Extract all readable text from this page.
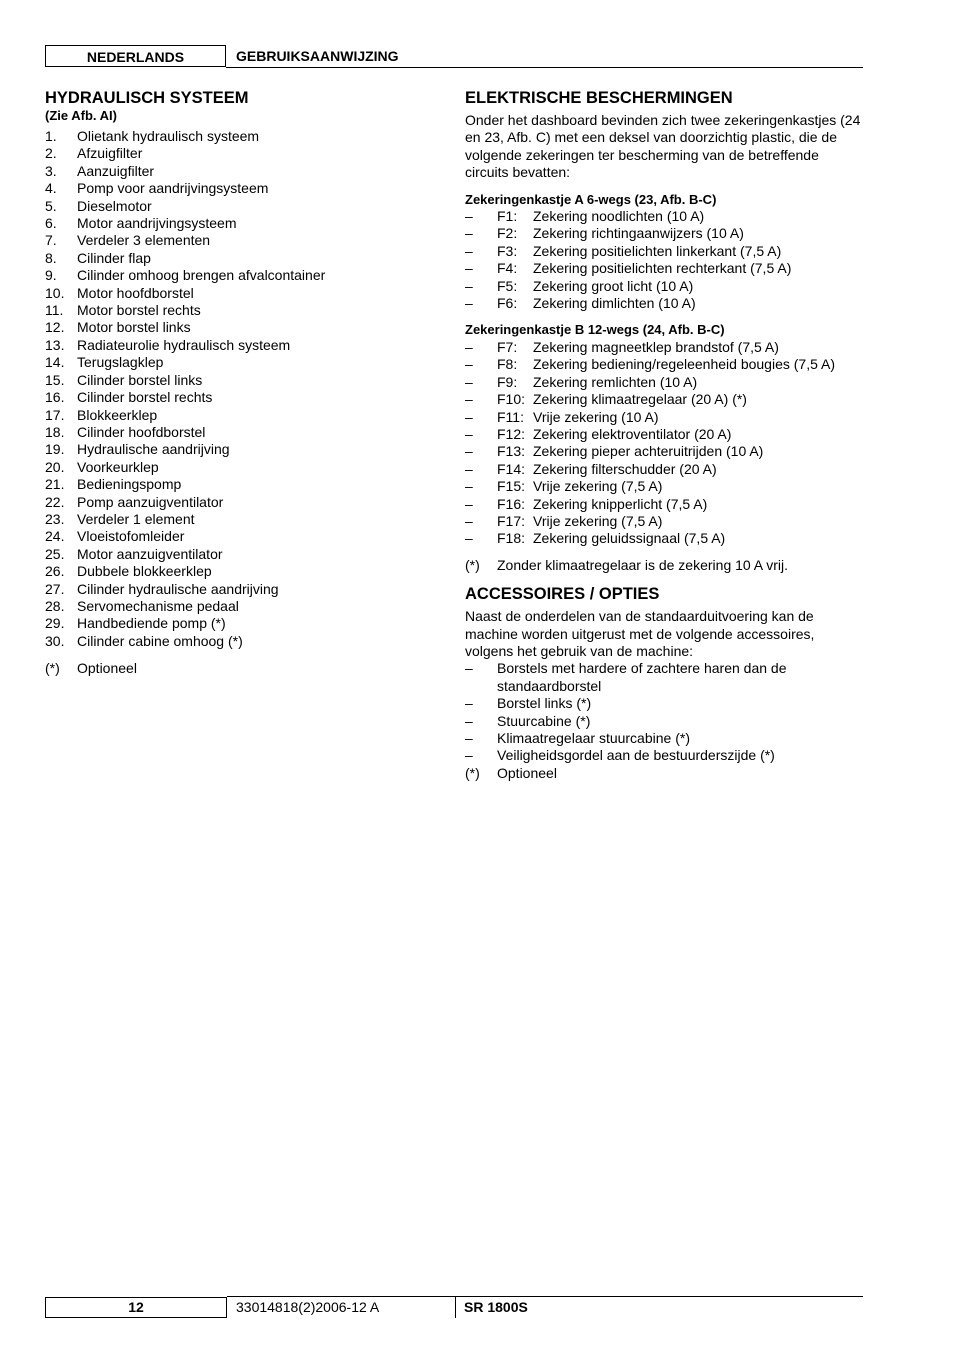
NEDERLANDS	GEBRUIKSAANWIJZING
HYDRAULISCH SYSTEEM
(Zie Afb. AI)
1.	Olietank hydraulisch systeem
2.	Afzuigfilter
3.	Aanzuigfilter
4.	Pomp voor aandrijvingsysteem
5.	Dieselmotor
6.	Motor aandrijvingsysteem
7.	Verdeler 3 elementen
8.	Cilinder flap
9.	Cilinder omhoog brengen afvalcontainer
10. Motor hoofdborstel
11. Motor borstel rechts
12. Motor borstel links
13. Radiateurolie hydraulisch systeem
14. Terugslagklep
15. Cilinder borstel links
16. Cilinder borstel rechts
17. Blokkeerklep
18. Cilinder hoofdborstel
19. Hydraulische aandrijving
20. Voorkeurklep
21. Bedieningspomp
22. Pomp aanzuigventilator
23. Verdeler 1 element
24. Vloeistofomleider
25. Motor aanzuigventilator
26. Dubbele blokkeerklep
27. Cilinder hydraulische aandrijving
28. Servomechanisme pedaal
29. Handbediende pomp (*)
30. Cilinder cabine omhoog (*)
(*)	Optioneel
ELEKTRISCHE BESCHERMINGEN

Onder het dashboard bevinden zich twee zekeringenkastjes (24 en 23, Afb. C) met een deksel van doorzichtig plastic, die de volgende zekeringen ter bescherming van de betreffende circuits bevatten:

Zekeringenkastje A 6-wegs (23, Afb. B-C)
–	F1:	Zekering noodlichten (10 A)
–	F2:	Zekering richtingaanwijzers (10 A)
–	F3:	Zekering positielichten linkerkant (7,5 A)
–	F4:	Zekering positielichten rechterkant (7,5 A)
–	F5:	Zekering groot licht (10 A)
–	F6:	Zekering dimlichten (10 A)
Zekeringenkastje B 12-wegs (24, Afb. B-C)
–	F7:	Zekering magneetklep brandstof (7,5 A)
–	F8:	Zekering bediening/regeleenheid bougies (7,5 A)
–	F9:	Zekering remlichten (10 A)
–	F10: Zekering klimaatregelaar (20 A) (*)
–	F11: Vrije zekering (10 A)
–	F12: Zekering elektroventilator (20 A)
–	F13: Zekering pieper achteruitrijden (10 A)
–	F14: Zekering filterschudder (20 A)
–	F15: Vrije zekering (7,5 A)
–	F16: Zekering knipperlicht (7,5 A)
–	F17: Vrije zekering (7,5 A)
–	F18: Zekering geluidssignaal (7,5 A)
(*)	Zonder klimaatregelaar is de zekering 10 A vrij.
ACCESSOIRES / OPTIES

Naast de onderdelen van de standaarduitvoering kan de machine worden uitgerust met de volgende accessoires, volgens het gebruik van de machine:

–	Borstels met hardere of zachtere haren dan de standaardborstel
–	Borstel links (*)
–	Stuurcabine (*)
–	Klimaatregelaar stuurcabine (*)
–	Veiligheidsgordel aan de bestuurderszijde (*)
(*)	Optioneel
12	33014818(2)2006-12 A	SR 1800S
